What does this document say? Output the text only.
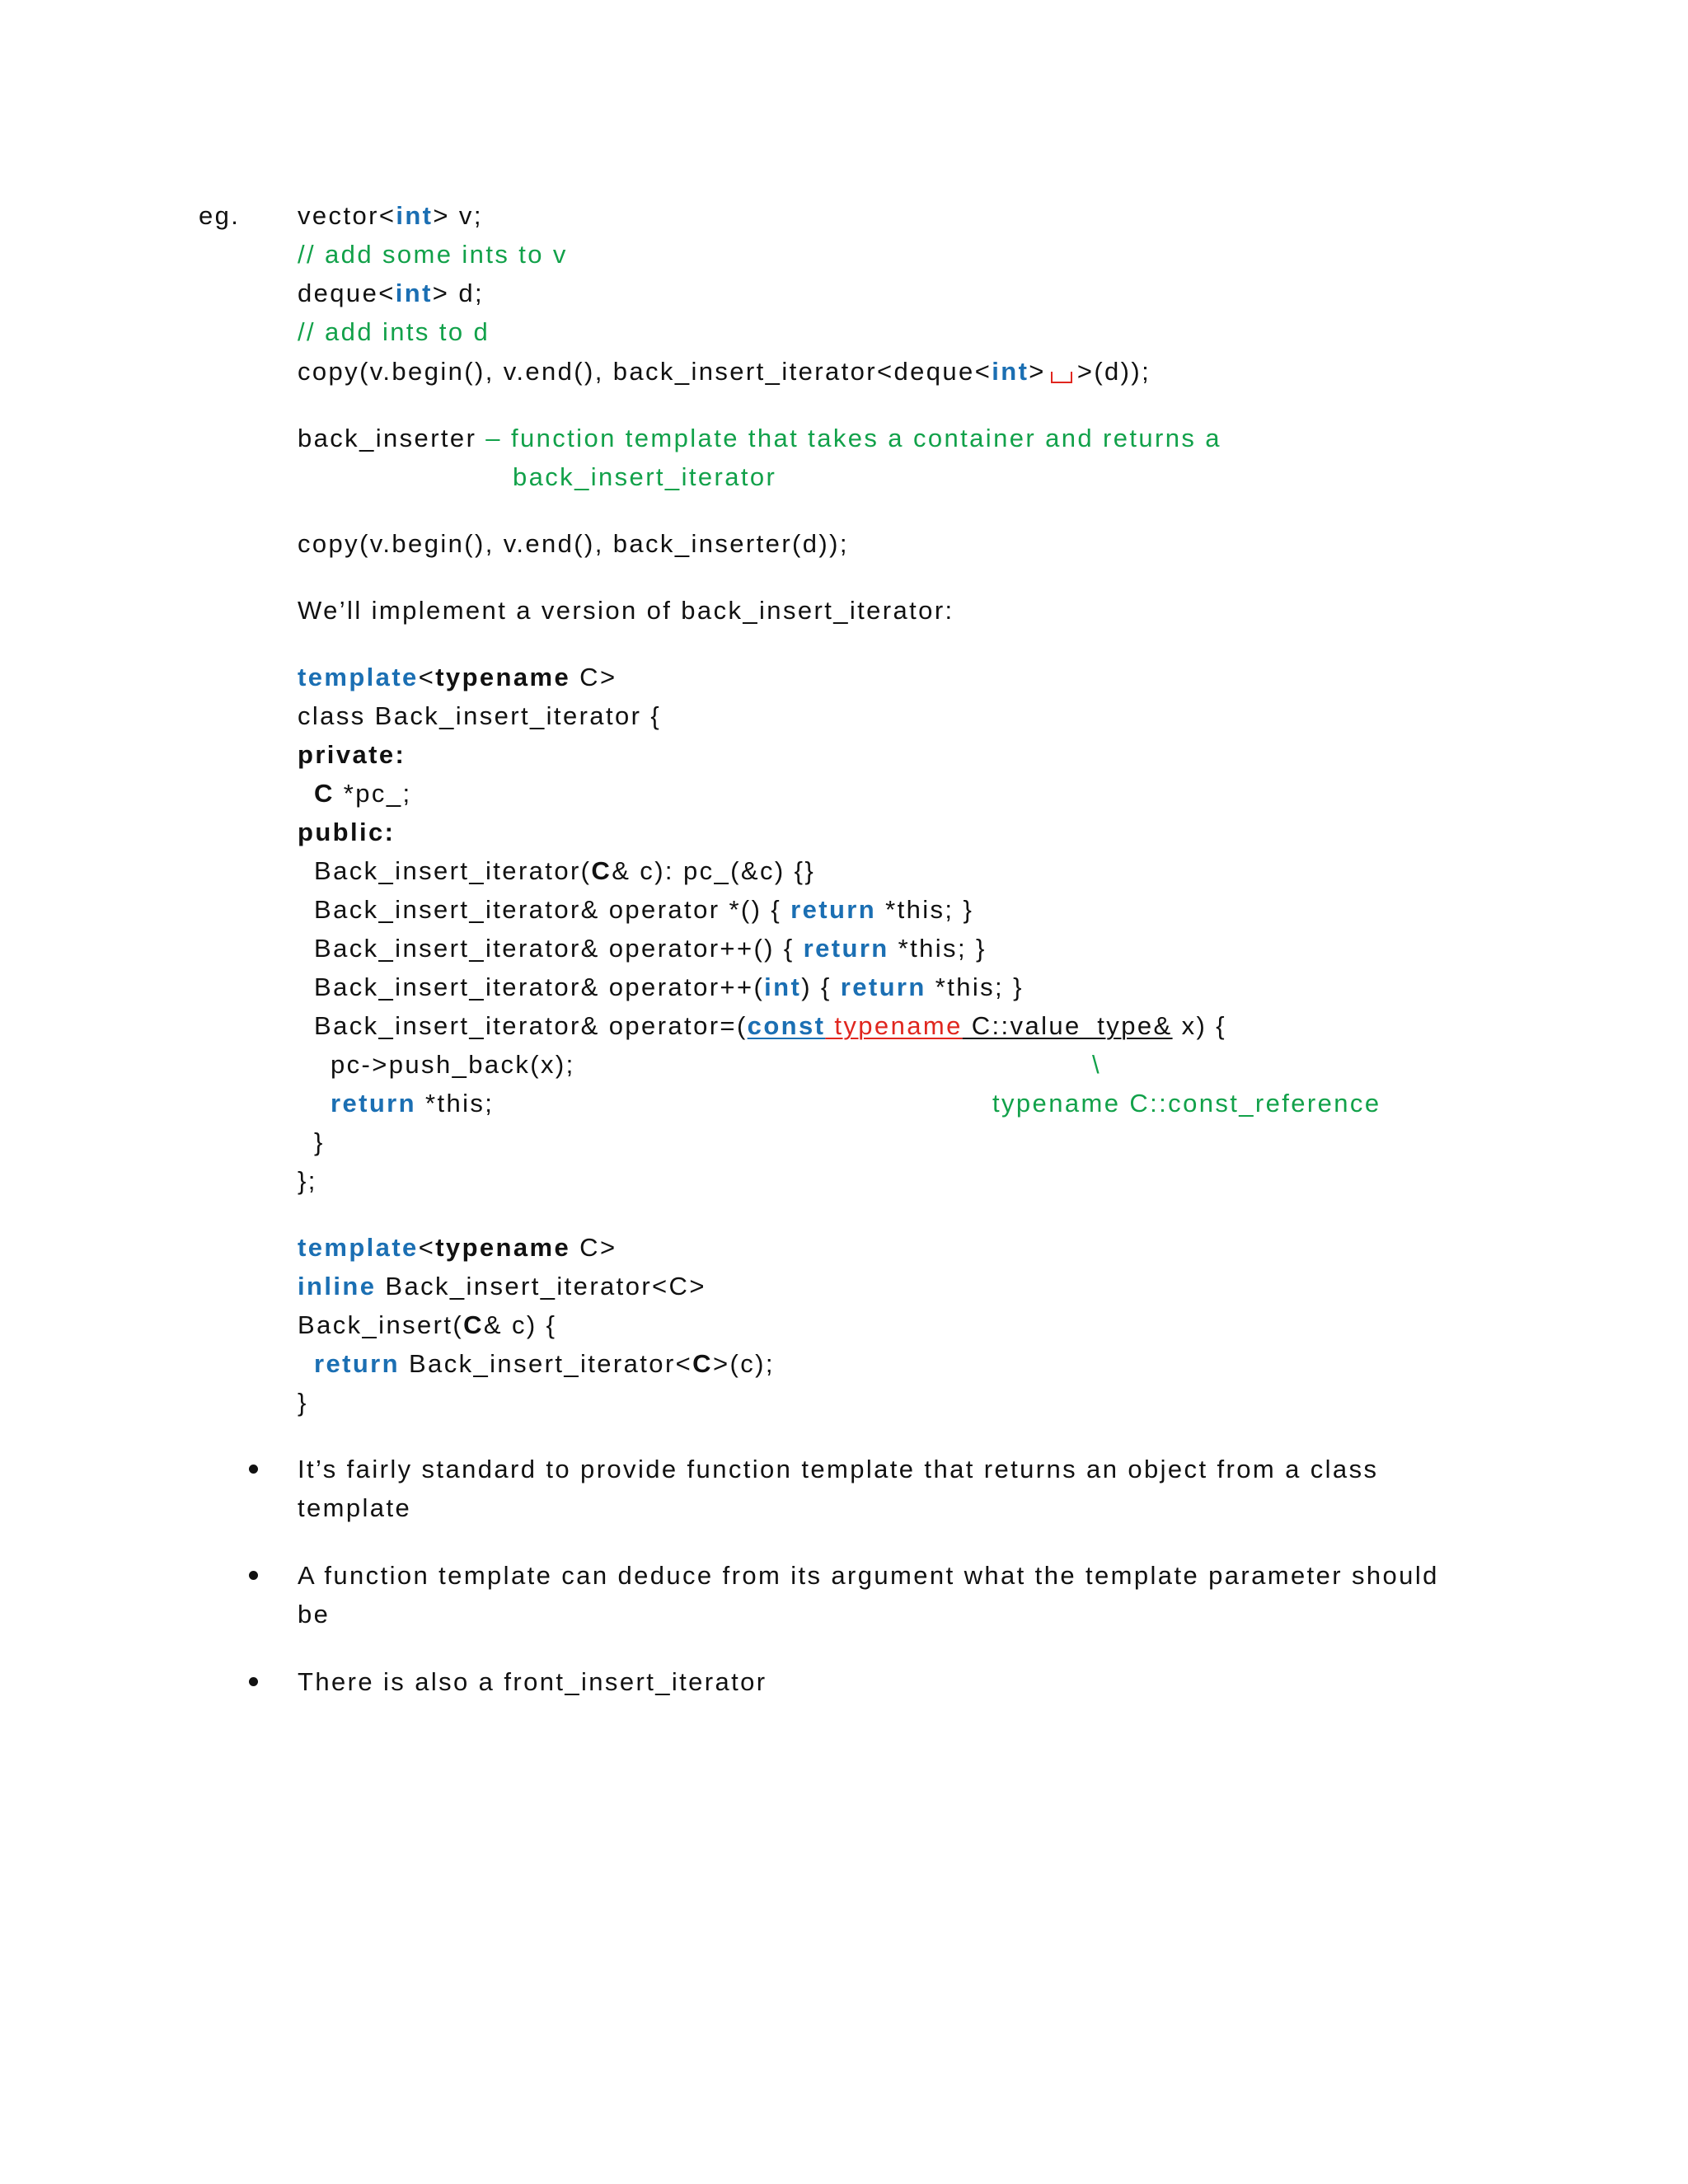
eg. vector<int> v;
// add some ints to v
deque<int> d;
// add ints to d
copy(v.begin(), v.end(), back_insert_iterator<deque<int> >(d));
back_inserter – function template that takes a container and returns a
back_insert_iterator
copy(v.begin(), v.end(), back_inserter(d));
We’ll implement a version of back_insert_iterator:
template<typename C>
class Back_insert_iterator {
private:
C *pc_;
public:
Back_insert_iterator(C& c): pc_(&c) {}
Back_insert_iterator& operator *() { return *this; }
Back_insert_iterator& operator++() { return *this; }
Back_insert_iterator& operator++(int) { return *this; }
Back_insert_iterator& operator=(const typename C::value_type& x) {
pc->push_back(x);	\
return *this;	typename C::const_reference
}
};
template<typename C>
inline Back_insert_iterator<C>
Back_insert(C& c) {
return Back_insert_iterator<C>(c);
}
It’s fairly standard to provide function template that returns an object from a class
template
A function template can deduce from its argument what the template parameter should
be
There is also a front_insert_iterator
